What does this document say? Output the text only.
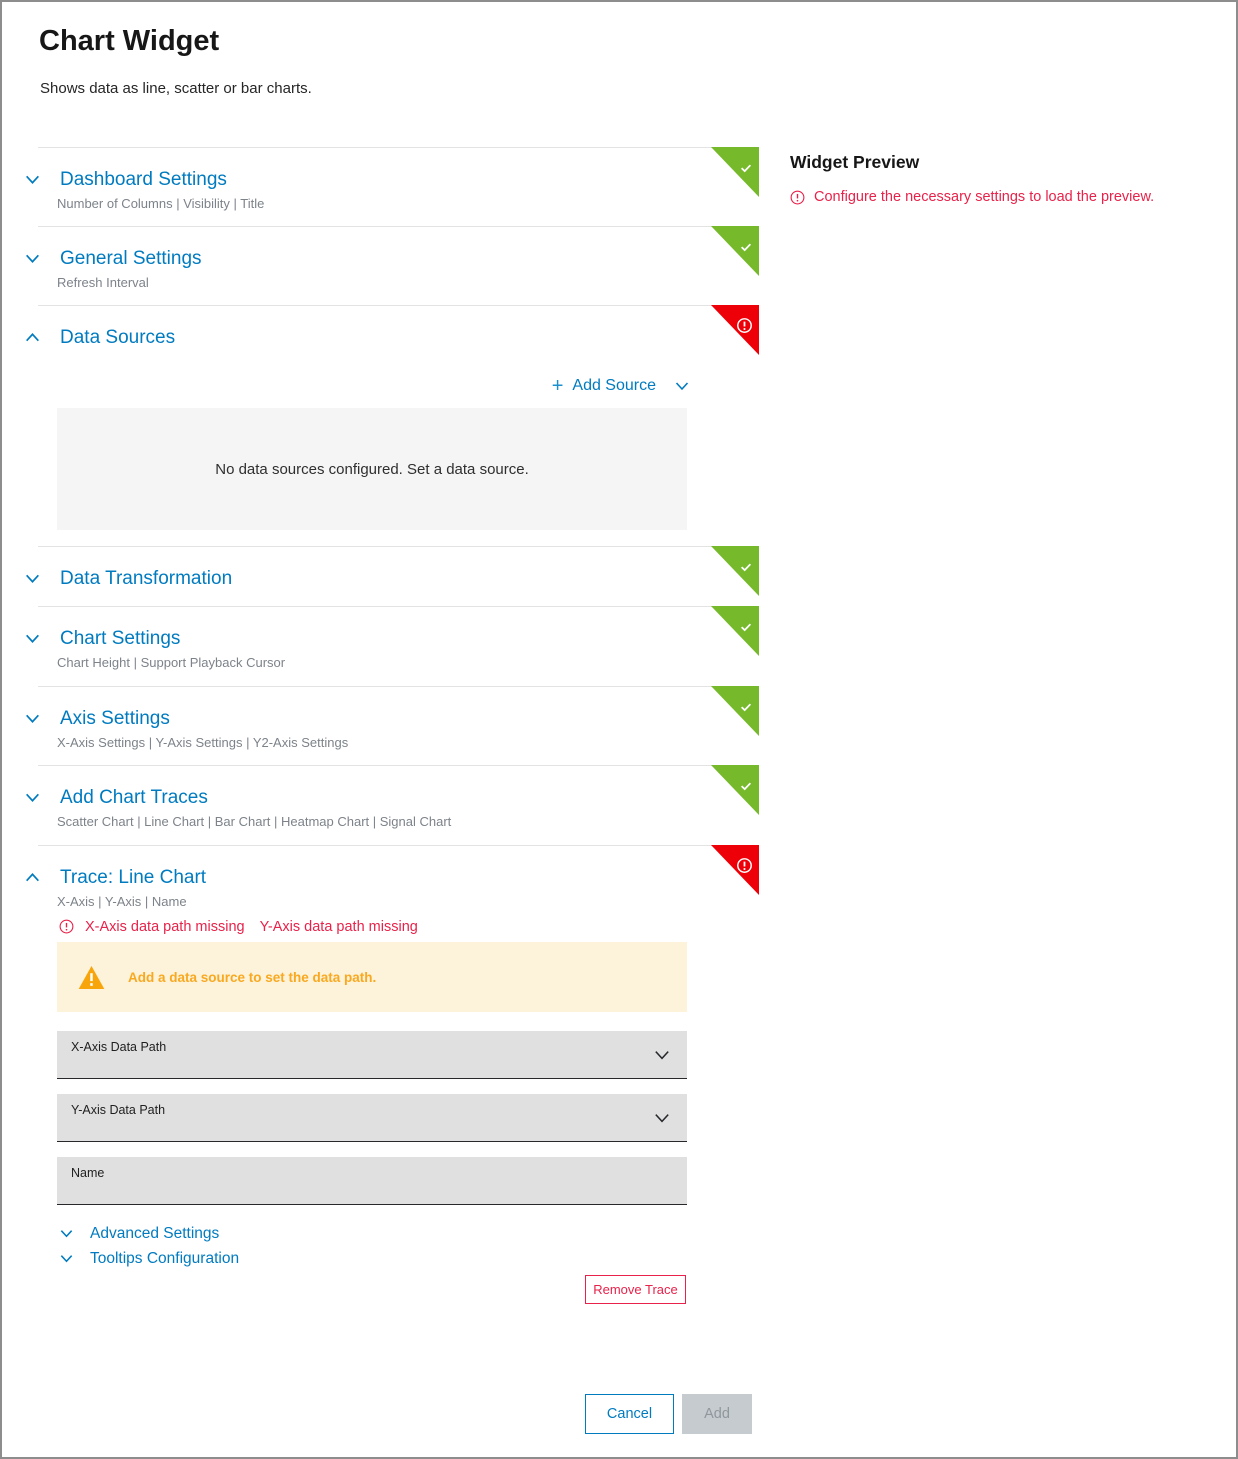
Chart Widget

Shows data as line, scatter or bar charts.

Dashboard Settings
Number of Columns | Visibility | Title
General Settings
Refresh Interval
Data Sources
+ Add Source
No data sources configured. Set a data source.
Data Transformation
Chart Settings
Chart Height | Support Playback Cursor
Axis Settings
X-Axis Settings | Y-Axis Settings | Y2-Axis Settings
Add Chart Traces
Scatter Chart | Line Chart | Bar Chart | Heatmap Chart | Signal Chart
Trace: Line Chart
X-Axis | Y-Axis | Name
X-Axis data path missing Y-Axis data path missing
Add a data source to set the data path.
X-Axis Data Path
Y-Axis Data Path
Name
Advanced Settings
Tooltips Configuration
Remove Trace
Cancel	Add
Widget Preview
Configure the necessary settings to load the preview.
